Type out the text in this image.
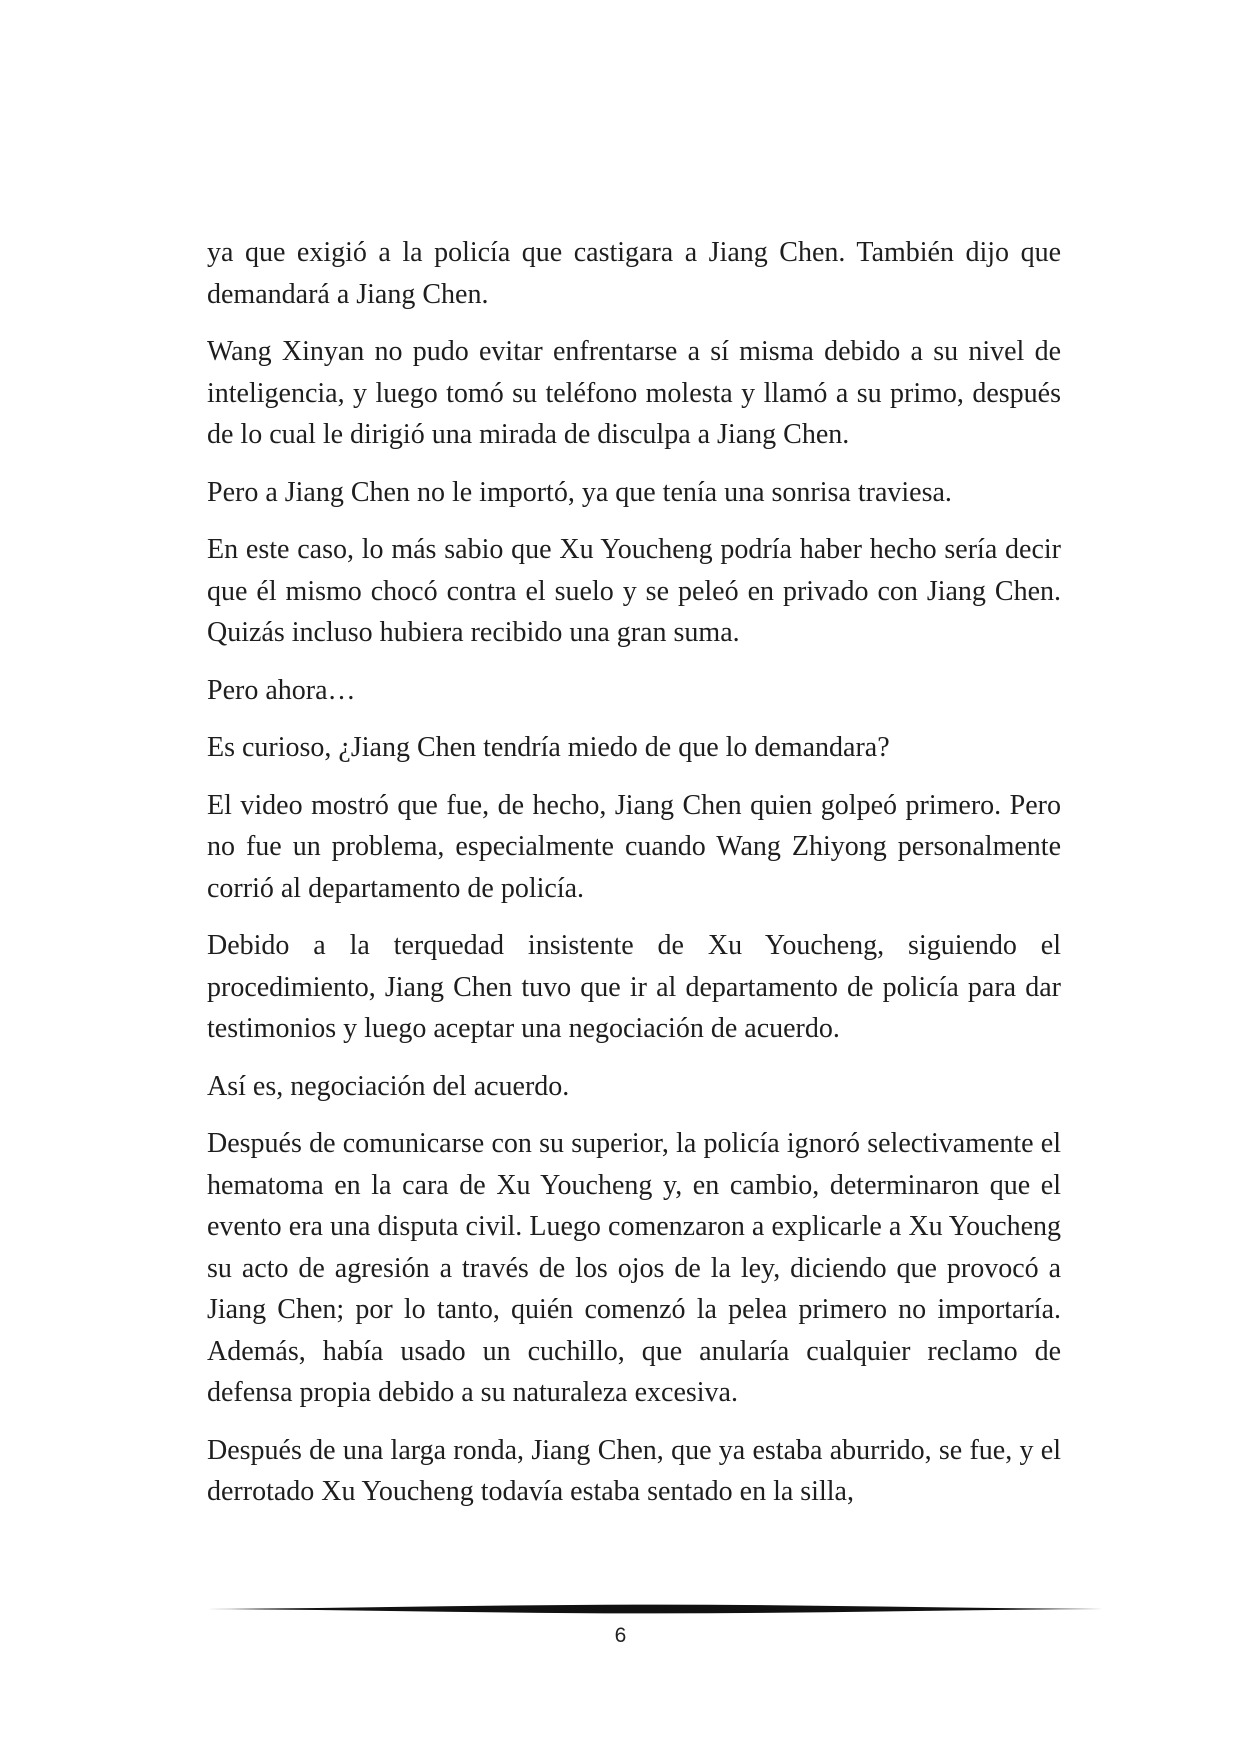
ya que exigió a la policía que castigara a Jiang Chen. También dijo que demandará a Jiang Chen.

Wang Xinyan no pudo evitar enfrentarse a sí misma debido a su nivel de inteligencia, y luego tomó su teléfono molesta y llamó a su primo, después de lo cual le dirigió una mirada de disculpa a Jiang Chen.

Pero a Jiang Chen no le importó, ya que tenía una sonrisa traviesa.

En este caso, lo más sabio que Xu Youcheng podría haber hecho sería decir que él mismo chocó contra el suelo y se peleó en privado con Jiang Chen. Quizás incluso hubiera recibido una gran suma.

Pero ahora…

Es curioso, ¿Jiang Chen tendría miedo de que lo demandara?

El video mostró que fue, de hecho, Jiang Chen quien golpeó primero. Pero no fue un problema, especialmente cuando Wang Zhiyong personalmente corrió al departamento de policía.

Debido a la terquedad insistente de Xu Youcheng, siguiendo el procedimiento, Jiang Chen tuvo que ir al departamento de policía para dar testimonios y luego aceptar una negociación de acuerdo.

Así es, negociación del acuerdo.

Después de comunicarse con su superior, la policía ignoró selectivamente el hematoma en la cara de Xu Youcheng y, en cambio, determinaron que el evento era una disputa civil. Luego comenzaron a explicarle a Xu Youcheng su acto de agresión a través de los ojos de la ley, diciendo que provocó a Jiang Chen; por lo tanto, quién comenzó la pelea primero no importaría. Además, había usado un cuchillo, que anularía cualquier reclamo de defensa propia debido a su naturaleza excesiva.

Después de una larga ronda, Jiang Chen, que ya estaba aburrido, se fue, y el derrotado Xu Youcheng todavía estaba sentado en la silla,

6
